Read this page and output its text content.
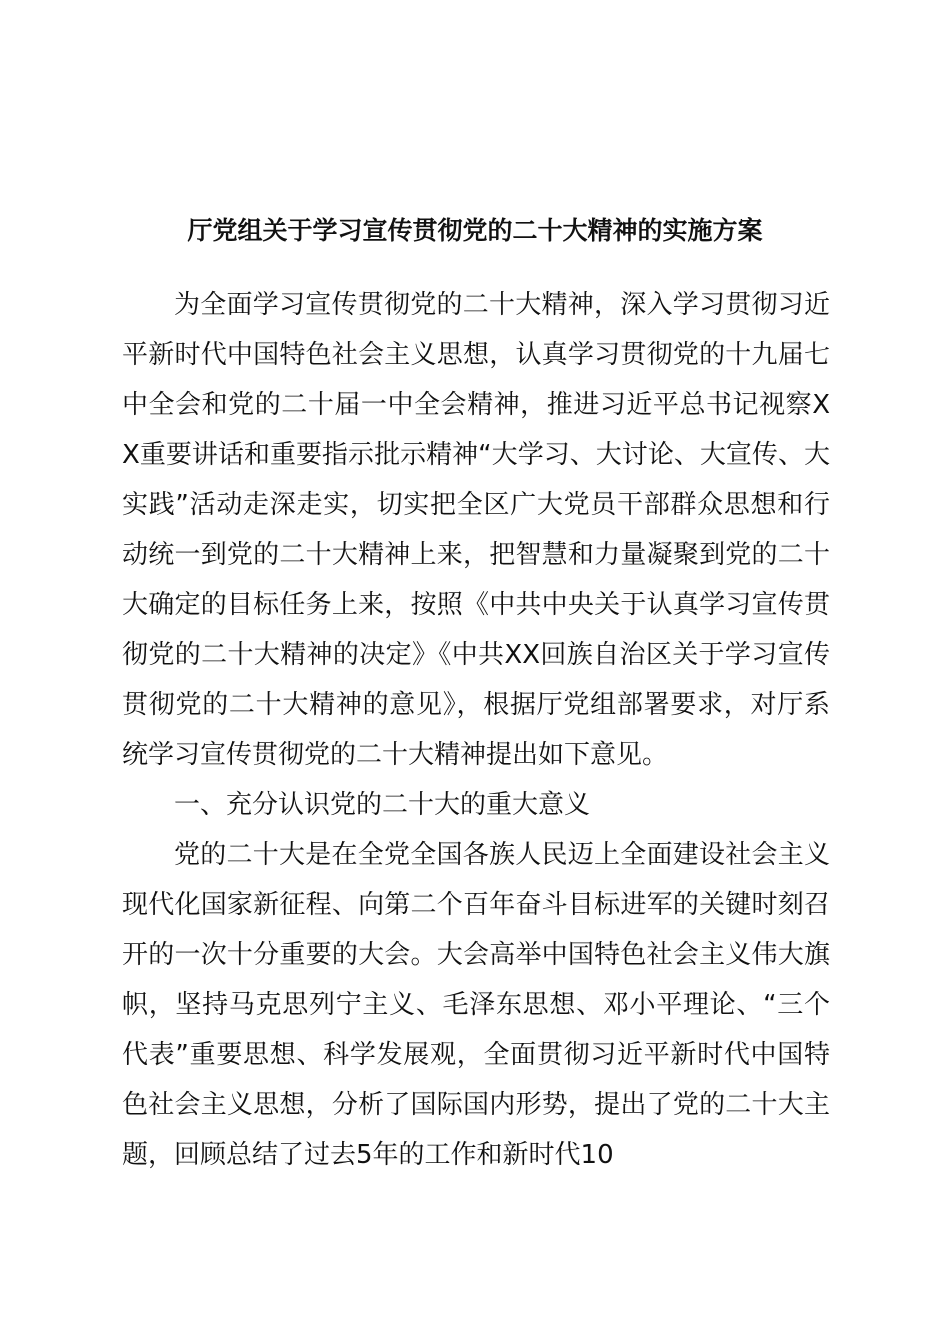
厅党组关于学习宣传贯彻党的二十大精神的实施方案

为全面学习宣传贯彻党的二十大精神，深入学习贯彻习近平新时代中国特色社会主义思想，认真学习贯彻党的十九届七中全会和党的二十届一中全会精神，推进习近平总书记视察XX重要讲话和重要指示批示精神“大学习、大讨论、大宣传、大实践”活动走深走实，切实把全区广大党员干部群众思想和行动统一到党的二十大精神上来，把智慧和力量凝聚到党的二十大确定的目标任务上来，按照《中共中央关于认真学习宣传贯彻党的二十大精神的决定》《中共XX回族自治区关于学习宣传贯彻党的二十大精神的意见》，根据厅党组部署要求，对厅系统学习宣传贯彻党的二十大精神提出如下意见。

一、充分认识党的二十大的重大意义

党的二十大是在全党全国各族人民迈上全面建设社会主义现代化国家新征程、向第二个百年奋斗目标进军的关键时刻召开的一次十分重要的大会。大会高举中国特色社会主义伟大旗帜，坚持马克思列宁主义、毛泽东思想、邓小平理论、“三个代表”重要思想、科学发展观，全面贯彻习近平新时代中国特色社会主义思想，分析了国际国内形势，提出了党的二十大主题，回顾总结了过去5年的工作和新时代10
